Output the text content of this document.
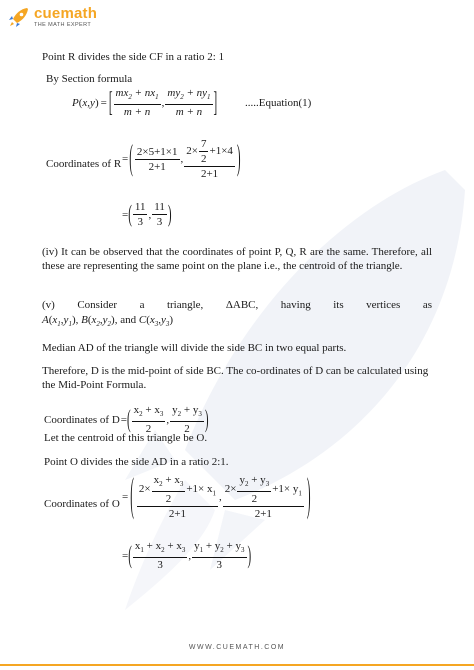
cuemath
THE MATH EXPERT
Point R divides the side CF in a ratio 2: 1
By Section formula
P ( x , y ) = [ $\frac{mx_2 + nx_1}{m + n}$ , $\frac{my_2 + ny_1}{m + n}$ ]	.....Equation(1)
Coordinates of R = ( $\frac{2\times 5+1\times 1}{2+1}$ , $\frac{2\times \frac{7}{2} +1\times 4}{2+1}$ )
= ( $\frac{11}{3}$ , $\frac{11}{3}$ )
(iv) It can be observed that the coordinates of point P, Q, R are the same. Therefore, all these are representing the same point on the plane i.e., the centroid of the triangle.
(v) Consider a triangle, ΔABC, having its vertices as
$A(x_1,y_1)$, $B(x_2,y_2)$, and $C(x_3,y_3)$
Median AD of the triangle will divide the side BC in two equal parts.
Therefore, D is the mid-point of side BC. The co-ordinates of D can be calculated using the Mid-Point Formula.
Coordinates of D = ( $\frac{x_2 + x_3}{2}$ , $\frac{y_2 + y_3}{2}$ )
Let the centroid of this triangle be O.
Point O divides the side AD in a ratio 2:1.
Coordinates of O
= ( $\frac{2\times \frac{x_2 + x_3}{2} +1\times x_1}{2+1}$ , $\frac{2\times \frac{y_2 + y_3}{2} +1\times y_1}{2+1}$ )
= ( $\frac{x_1 + x_2 + x_3}{3}$ , $\frac{y_1 + y_2 + y_3}{3}$ )
WWW.CUEMATH.COM
